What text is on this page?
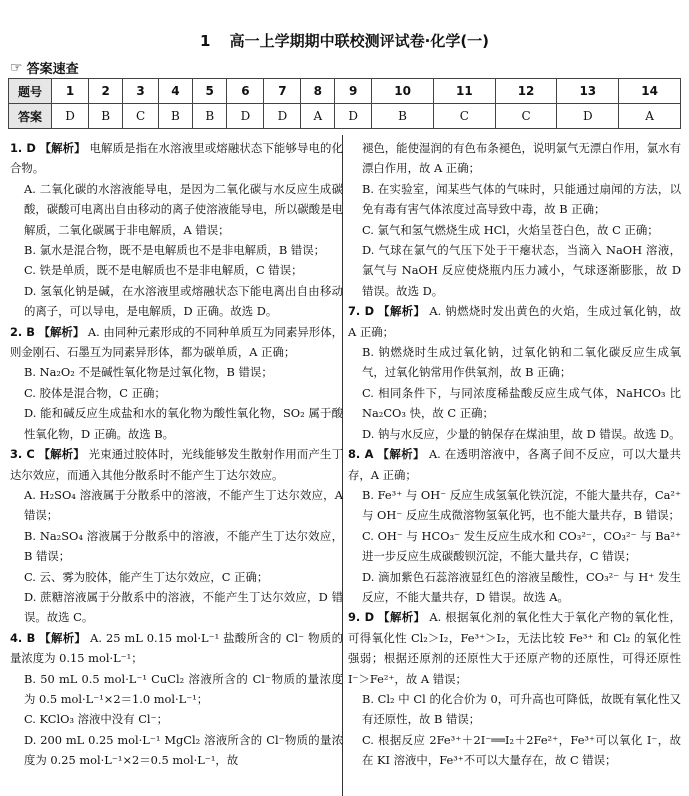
1 高一上学期期中联校测评试卷·化学(一)
☞ 答案速查
题号	1	2	3	4	5	6	7	8	9	10	11	12	13	14
答案	D	B	C	B	B	D	D	A	D	B	C	C	D	A

1. D 【解析】 电解质是指在水溶液里或熔融状态下能够导电的化合物。

A. 二氧化碳的水溶液能导电，是因为二氧化碳与水反应生成碳酸，碳酸可电离出自由移动的离子使溶液能导电，所以碳酸是电解质，二氧化碳属于非电解质，A 错误；

B. 氯水是混合物，既不是电解质也不是非电解质，B 错误；

C. 铁是单质，既不是电解质也不是非电解质，C 错误；

D. 氢氧化钠是碱，在水溶液里或熔融状态下能电离出自由移动的离子，可以导电，是电解质，D 正确。故选 D。

2. B 【解析】 A. 由同种元素形成的不同种单质互为同素异形体，则金刚石、石墨互为同素异形体，都为碳单质，A 正确；

B. Na₂O₂ 不是碱性氧化物是过氧化物，B 错误；

C. 胶体是混合物，C 正确；

D. 能和碱反应生成盐和水的氧化物为酸性氧化物，SO₂ 属于酸性氧化物，D 正确。故选 B。

3. C 【解析】 光束通过胶体时，光线能够发生散射作用而产生丁达尔效应，而通入其他分散系时不能产生丁达尔效应。

A. H₂SO₄ 溶液属于分散系中的溶液，不能产生丁达尔效应，A 错误；

B. Na₂SO₄ 溶液属于分散系中的溶液，不能产生丁达尔效应，B 错误；

C. 云、雾为胶体，能产生丁达尔效应，C 正确；

D. 蔗糖溶液属于分散系中的溶液，不能产生丁达尔效应，D 错误。故选 C。

4. B 【解析】 A. 25 mL 0.15 mol·L⁻¹ 盐酸所含的 Cl⁻ 物质的量浓度为 0.15 mol·L⁻¹；

B. 50 mL 0.5 mol·L⁻¹ CuCl₂ 溶液所含的 Cl⁻物质的量浓度为 0.5 mol·L⁻¹×2＝1.0 mol·L⁻¹；

C. KClO₃ 溶液中没有 Cl⁻；

D. 200 mL 0.25 mol·L⁻¹ MgCl₂ 溶液所含的 Cl⁻物质的量浓度为 0.25 mol·L⁻¹×2＝0.5 mol·L⁻¹，故

褪色，能使湿润的有色布条褪色，说明氯气无漂白作用，氯水有漂白作用，故 A 正确；

B. 在实验室，闻某些气体的气味时，只能通过扇闻的方法，以免有毒有害气体浓度过高导致中毒，故 B 正确；

C. 氯气和氢气燃烧生成 HCl，火焰呈苍白色，故 C 正确；

D. 气球在氯气的气压下处于干瘪状态，当滴入 NaOH 溶液，氯气与 NaOH 反应使烧瓶内压力减小，气球逐渐膨胀，故 D 错误。故选 D。

7. D 【解析】 A. 钠燃烧时发出黄色的火焰，生成过氧化钠，故 A 正确；

B. 钠燃烧时生成过氧化钠，过氧化钠和二氧化碳反应生成氧气，过氧化钠常用作供氧剂，故 B 正确；

C. 相同条件下，与同浓度稀盐酸反应生成气体，NaHCO₃ 比 Na₂CO₃ 快，故 C 正确；

D. 钠与水反应，少量的钠保存在煤油里，故 D 错误。故选 D。

8. A 【解析】 A. 在透明溶液中，各离子间不反应，可以大量共存，A 正确；

B. Fe³⁺ 与 OH⁻ 反应生成氢氧化铁沉淀，不能大量共存，Ca²⁺ 与 OH⁻ 反应生成微溶物氢氧化钙，也不能大量共存，B 错误；

C. OH⁻ 与 HCO₃⁻ 发生反应生成水和 CO₃²⁻，CO₃²⁻ 与 Ba²⁺ 进一步反应生成碳酸钡沉淀，不能大量共存，C 错误；

D. 滴加紫色石蕊溶液显红色的溶液呈酸性，CO₃²⁻ 与 H⁺ 发生反应，不能大量共存，D 错误。故选 A。

9. D 【解析】 A. 根据氧化剂的氧化性大于氧化产物的氧化性，可得氧化性 Cl₂＞I₂，Fe³⁺＞I₂，无法比较 Fe³⁺ 和 Cl₂ 的氧化性强弱；根据还原剂的还原性大于还原产物的还原性，可得还原性 I⁻＞Fe²⁺，故 A 错误；

B. Cl₂ 中 Cl 的化合价为 0，可升高也可降低，故既有氧化性又有还原性，故 B 错误；

C. 根据反应 2Fe³⁺＋2I⁻══I₂＋2Fe²⁺，Fe³⁺可以氧化 I⁻，故在 KI 溶液中，Fe³⁺不可以大量存在，故 C 错误；
